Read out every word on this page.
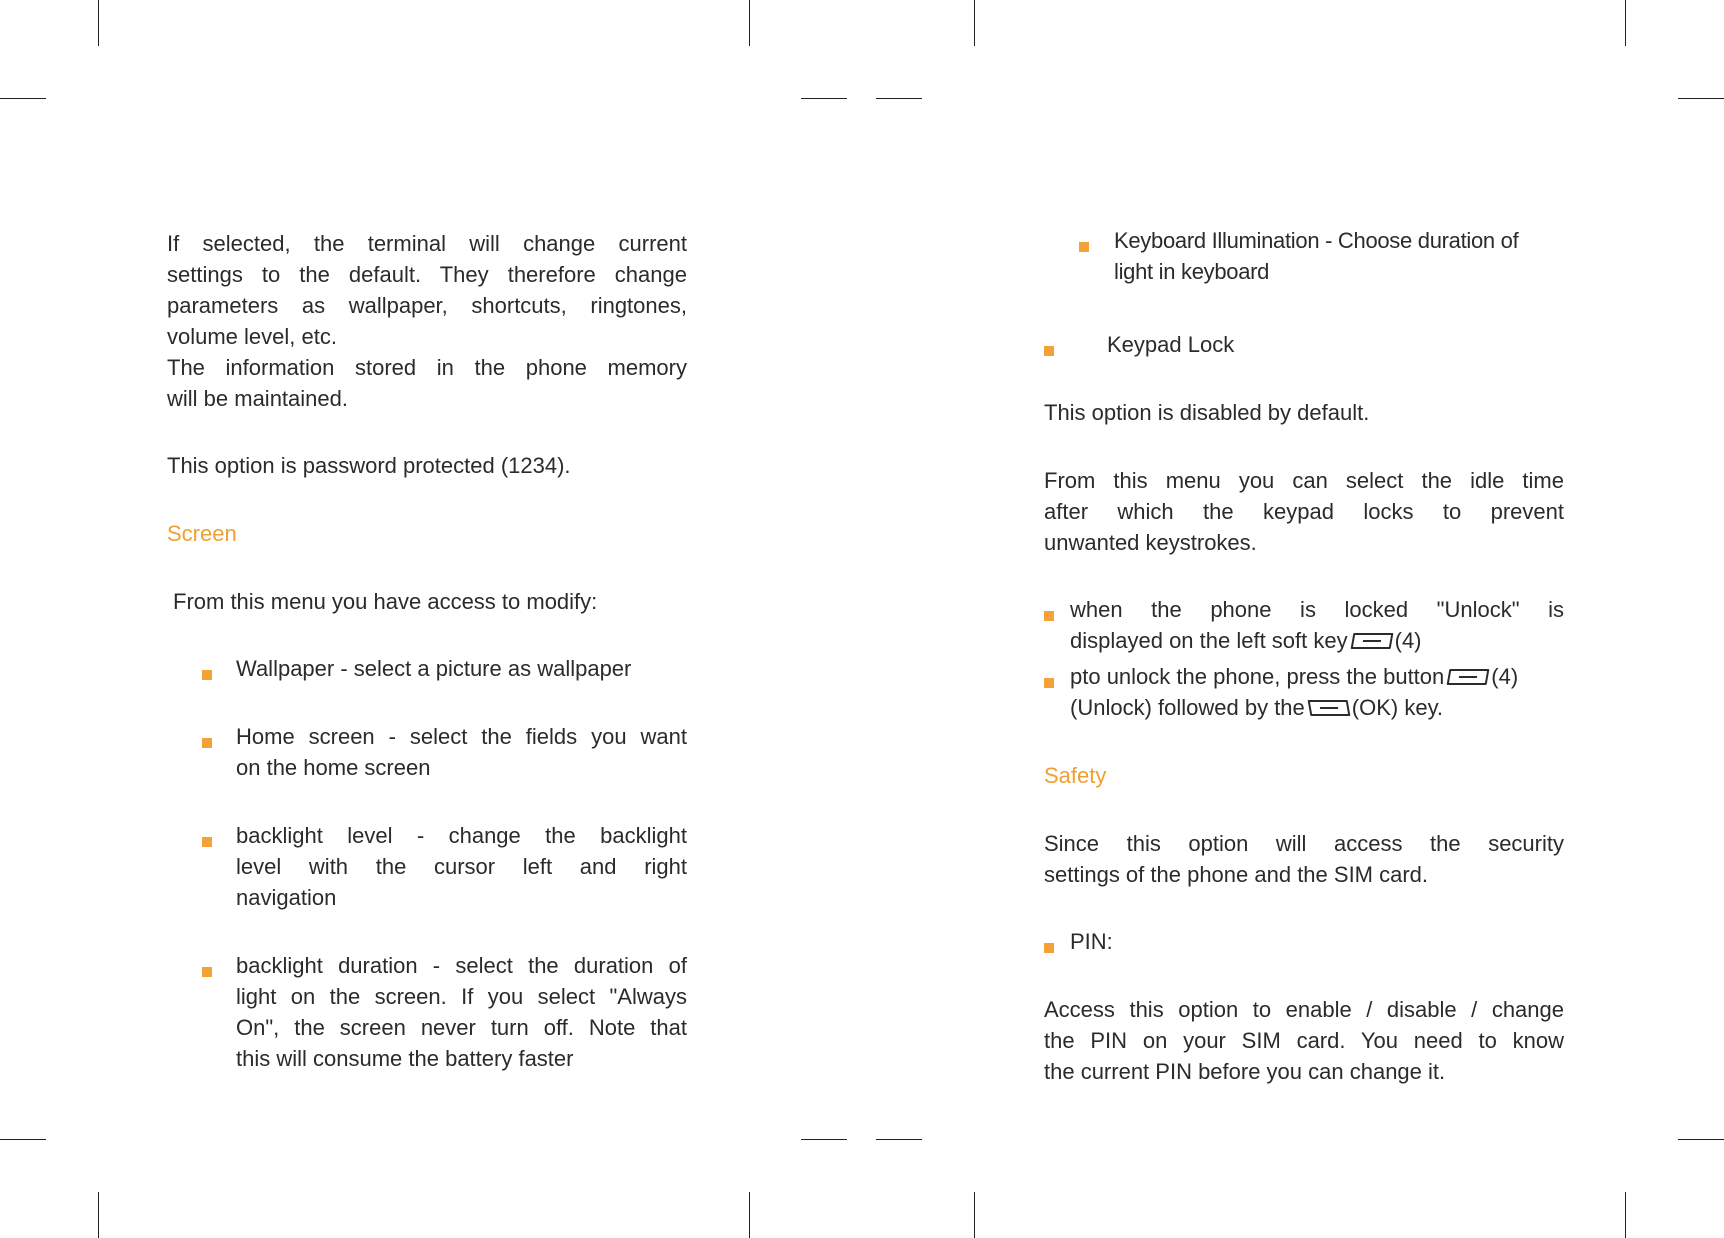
If selected, the terminal will change current
settings to the default. They therefore change
parameters as wallpaper, shortcuts, ringtones,
volume level, etc.
The information stored in the phone memory
will be maintained.

This option is password protected (1234).

Screen

From this menu you have access to modify:

Wallpaper - select a picture as wallpaper
Home screen - select the fields you want
on the home screen
backlight level - change the backlight
level with the cursor left and right
navigation
backlight duration - select the duration of
light on the screen. If you select "Always
On", the screen never turn off. Note that
this will consume the battery faster
Keyboard Illumination - Choose duration of
light in keyboard
Keypad Lock

This option is disabled by default.

From this menu you can select the idle time
after which the keypad locks to prevent
unwanted keystrokes.
when the phone is locked "Unlock" is
displayed on the left soft key (4)
pto unlock the phone, press the button (4)
(Unlock) followed by the (OK) key.

Safety

Since this option will access the security
settings of the phone and the SIM card.
PIN:
Access this option to enable / disable / change
the PIN on your SIM card. You need to know
the current PIN before you can change it.
